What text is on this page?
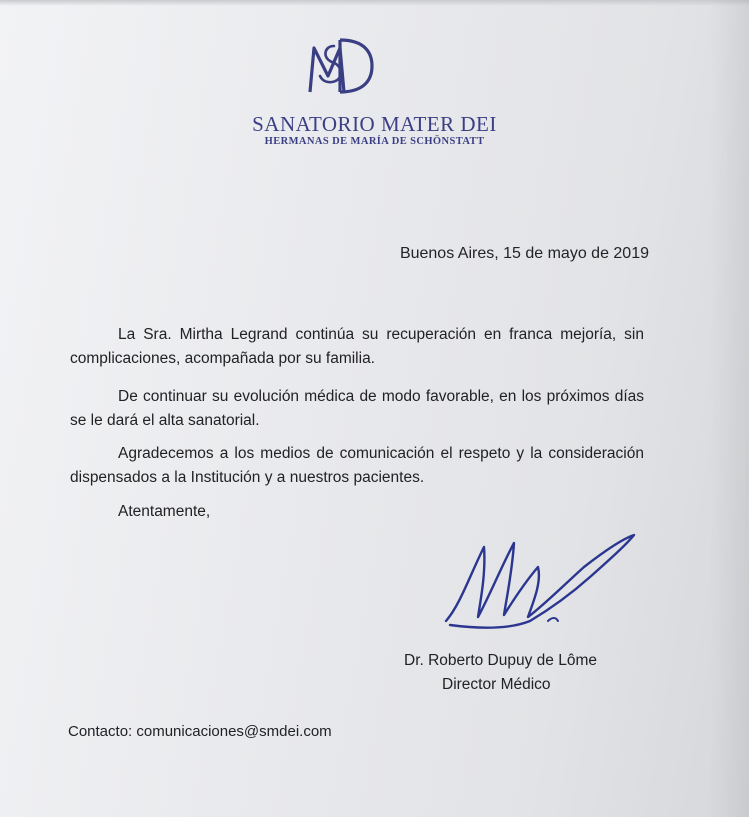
SANATORIO MATER DEI
HERMANAS DE MARÍA DE SCHÖNSTATT
Buenos Aires, 15 de mayo de 2019
La Sra. Mirtha Legrand continúa su recuperación en franca mejoría, sin complicaciones, acompañada por su familia.
De continuar su evolución médica de modo favorable, en los próximos días se le dará el alta sanatorial.
Agradecemos a los medios de comunicación el respeto y la consideración dispensados a la Institución y a nuestros pacientes.
Atentamente,
Dr. Roberto Dupuy de Lôme
Director Médico
Contacto: comunicaciones@smdei.com
